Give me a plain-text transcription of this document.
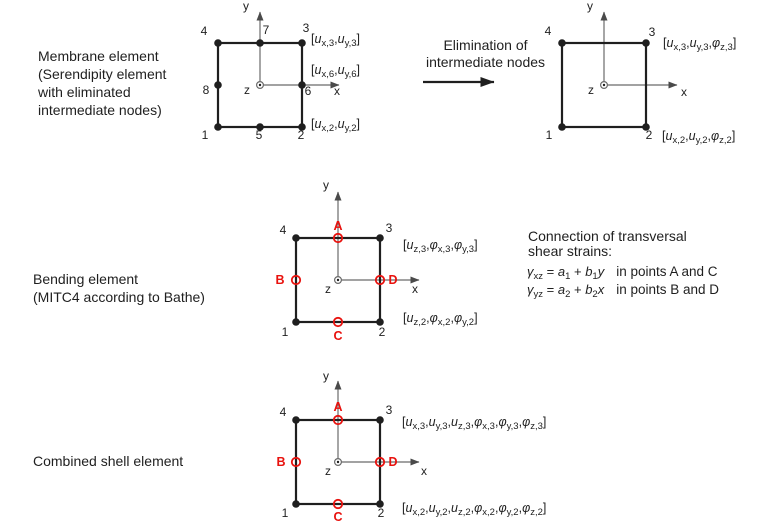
Membrane element
(Serendipity element
with eliminated
intermediate nodes)
y
x
z
4	7	3
8	6
1	5	2
$[u_{x,3},u_{y,3}]$
$[u_{x,6},u_{y,6}]$
$[u_{x,2},u_{y,2}]$
Elimination of
intermediate nodes
y
x
z
4	3
1	2
$[u_{x,3},u_{y,3},\varphi_{z,3}]$
$[u_{x,2},u_{y,2},\varphi_{z,2}]$
Bending element
(MITC4 according to Bathe)
y
x
z
4	3
1	2
A
B
C
D
$[u_{z,3},\varphi_{x,3},\varphi_{y,3}]$
$[u_{z,2},\varphi_{x,2},\varphi_{y,2}]$
Connection of transversal
shear strains:
$\gamma_{xz} = a_1 + b_1y$ in points A and C
$\gamma_{yz} = a_2 + b_2x$ in points B and D
Combined shell element
y
x
z
4	3
1	2
A
B
C
D
$[u_{x,3},u_{y,3},u_{z,3},\varphi_{x,3},\varphi_{y,3},\varphi_{z,3}]$
$[u_{x,2},u_{y,2},u_{z,2},\varphi_{x,2},\varphi_{y,2},\varphi_{z,2}]$
